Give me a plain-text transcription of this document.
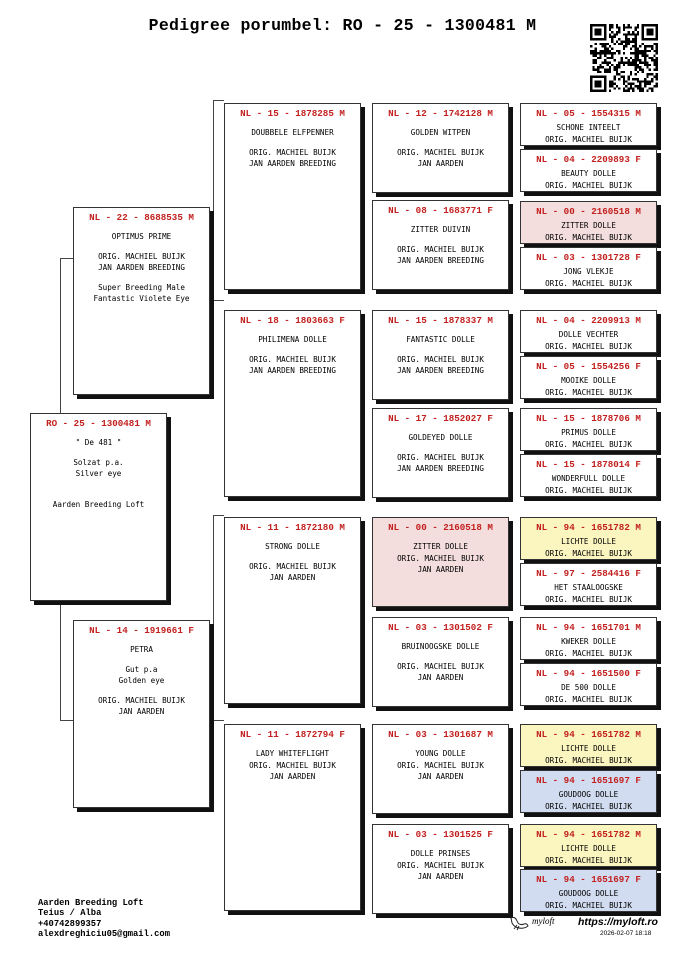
Pedigree porumbel: RO - 25 - 1300481 M
RO - 25 - 1300481 M
" De 481 "
Solzat p.a.
Silver eye
Aarden Breeding Loft
NL - 22 - 8688535 M
OPTIMUS PRIME
ORIG. MACHIEL BUIJK
JAN AARDEN BREEDING
Super Breeding Male
Fantastic Violete Eye
NL - 14 - 1919661 F
PETRA
Gut p.a
Golden eye
ORIG. MACHIEL BUIJK
JAN AARDEN
NL - 15 - 1878285 M
DOUBBELE ELFPENNER
ORIG. MACHIEL BUIJK
JAN AARDEN BREEDING
NL - 18 - 1803663 F
PHILIMENA DOLLE
ORIG. MACHIEL BUIJK
JAN AARDEN BREEDING
NL - 11 - 1872180 M
STRONG DOLLE
ORIG. MACHIEL BUIJK
JAN AARDEN
NL - 11 - 1872794 F
LADY WHITEFLIGHT
ORIG. MACHIEL BUIJK
JAN AARDEN
NL - 12 - 1742128 M
GOLDEN WITPEN
ORIG. MACHIEL BUIJK
JAN AARDEN
NL - 08 - 1683771 F
ZITTER DUIVIN
ORIG. MACHIEL BUIJK
JAN AARDEN BREEDING
NL - 15 - 1878337 M
FANTASTIC DOLLE
ORIG. MACHIEL BUIJK
JAN AARDEN BREEDING
NL - 17 - 1852027 F
GOLDEYED DOLLE
ORIG. MACHIEL BUIJK
JAN AARDEN BREEDING
NL - 00 - 2160518 M
ZITTER DOLLE
ORIG. MACHIEL BUIJK
JAN AARDEN
NL - 03 - 1301502 F
BRUINOOGSKE DOLLE
ORIG. MACHIEL BUIJK
JAN AARDEN
NL - 03 - 1301687 M
YOUNG DOLLE
ORIG. MACHIEL BUIJK
JAN AARDEN
NL - 03 - 1301525 F
DOLLE PRINSES
ORIG. MACHIEL BUIJK
JAN AARDEN
NL - 05 - 1554315 M
SCHONE INTEELT
ORIG. MACHIEL BUIJK
NL - 04 - 2209893 F
BEAUTY DOLLE
ORIG. MACHIEL BUIJK
NL - 00 - 2160518 M
ZITTER DOLLE
ORIG. MACHIEL BUIJK
NL - 03 - 1301728 F
JONG VLEKJE
ORIG. MACHIEL BUIJK
NL - 04 - 2209913 M
DOLLE VECHTER
ORIG. MACHIEL BUIJK
NL - 05 - 1554256 F
MOOIKE DOLLE
ORIG. MACHIEL BUIJK
NL - 15 - 1878706 M
PRIMUS DOLLE
ORIG. MACHIEL BUIJK
NL - 15 - 1878014 F
WONDERFULL DOLLE
ORIG. MACHIEL BUIJK
NL - 94 - 1651782 M
LICHTE DOLLE
ORIG. MACHIEL BUIJK
NL - 97 - 2584416 F
HET STAALOOGSKE
ORIG. MACHIEL BUIJK
NL - 94 - 1651701 M
KWEKER DOLLE
ORIG. MACHIEL BUIJK
NL - 94 - 1651500 F
DE 500 DOLLE
ORIG. MACHIEL BUIJK
NL - 94 - 1651782 M
LICHTE DOLLE
ORIG. MACHIEL BUIJK
NL - 94 - 1651697 F
GOUDOOG DOLLE
ORIG. MACHIEL BUIJK
NL - 94 - 1651782 M
LICHTE DOLLE
ORIG. MACHIEL BUIJK
NL - 94 - 1651697 F
GOUDOOG DOLLE
ORIG. MACHIEL BUIJK
Aarden Breeding Loft
Teius / Alba
+40742899357
alexdreghiciu05@gmail.com
myloft https://myloft.ro
2026-02-07 18:18
